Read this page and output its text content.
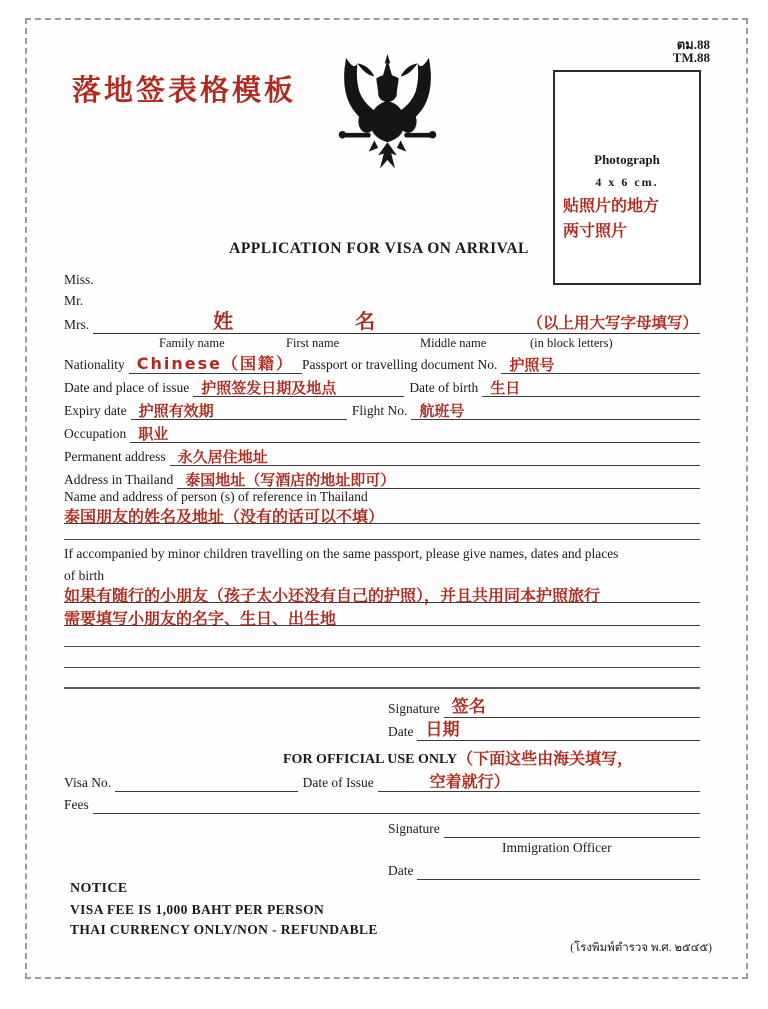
ตม.88
TM.88
落地签表格模板
Photograph
4 x 6 cm.
贴照片的地方
两寸照片
APPLICATION FOR VISA ON ARRIVAL
Miss.
Mr.
Mrs.	姓	名	（以上用大写字母填写）
Family name	First name	Middle name	(in block letters)
Nationality Chinese（国籍） Passport or travelling document No. 护照号
Date and place of issue 护照签发日期及地点	Date of birth 生日
Expiry date 护照有效期	Flight No. 航班号
Occupation 职业
Permanent address 永久居住地址
Address in Thailand 泰国地址（写酒店的地址即可）
Name and address of person (s) of reference in Thailand
泰国朋友的姓名及地址（没有的话可以不填）
If accompanied by minor children travelling on the same passport, please give names, dates and places
of birth
如果有随行的小朋友（孩子太小还没有自己的护照），并且共用同本护照旅行
需要填写小朋友的名字、生日、出生地
Signature 签名
Date 日期
FOR OFFICIAL USE ONLY （下面这些由海关填写，
Visa No.	Date of Issue	空着就行）
Fees
Signature
Immigration Officer
Date
NOTICE
VISA FEE IS 1,000 BAHT PER PERSON
THAI CURRENCY ONLY/NON - REFUNDABLE
(โรงพิมพ์ตำรวจ พ.ศ. ๒๕๔๕)
